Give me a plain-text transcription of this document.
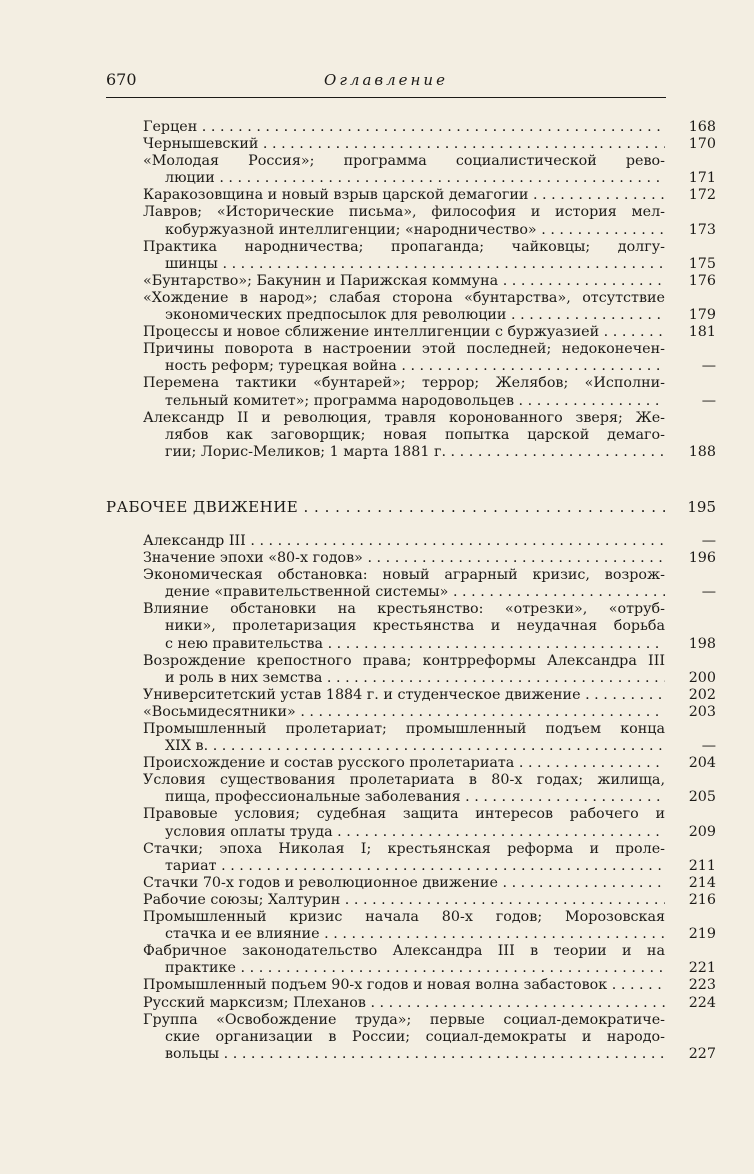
670	Оглавление
Герцен . . .	168
Чернышевский . . .	170
«Молодая Россия»; программа социалистической рево-
люции . . .	171
Каракозовщина и новый взрыв царской демагогии . . .	172
Лавров; «Исторические письма», философия и история мел-
кобуржуазной интеллигенции; «народничество» . . .	173
Практика народничества; пропаганда; чайковцы; долгу-
шинцы . . .	175
«Бунтарство»; Бакунин и Парижская коммуна . . .	176
«Хождение в народ»; слабая сторона «бунтарства», отсутствие
экономических предпосылок для революции . . .	179
Процессы и новое сближение интеллигенции с буржуазией . . .	181
Причины поворота в настроении этой последней; недоконечен-
ность реформ; турецкая война . . .	—
Перемена тактики «бунтарей»; террор; Желябов; «Исполни-
тельный комитет»; программа народовольцев . . .	—
Александр II и революция, травля коронованного зверя; Же-
лябов как заговорщик; новая попытка царской демаго-
гии; Лорис-Меликов; 1 марта 1881 г. . . .	188
РАБОЧЕЕ ДВИЖЕНИЕ . . .	195
Александр III . . .	—
Значение эпохи «80-х годов» . . .	196
Экономическая обстановка: новый аграрный кризис, возрож-
дение «правительственной системы» . . .	—
Влияние обстановки на крестьянство: «отрезки», «отруб-
ники», пролетаризация крестьянства и неудачная борьба
с нею правительства . . .	198
Возрождение крепостного права; контрреформы Александра III
и роль в них земства . . .	200
Университетский устав 1884 г. и студенческое движение . . .	202
«Восьмидесятники» . . .	203
Промышленный пролетариат; промышленный подъем конца
XIX в. . . .	—
Происхождение и состав русского пролетариата . . .	204
Условия существования пролетариата в 80-х годах; жилища,
пища, профессиональные заболевания . . .	205
Правовые условия; судебная защита интересов рабочего и
условия оплаты труда . . .	209
Стачки; эпоха Николая I; крестьянская реформа и проле-
тариат . . .	211
Стачки 70-х годов и революционное движение . . .	214
Рабочие союзы; Халтурин . . .	216
Промышленный кризис начала 80-х годов; Морозовская
стачка и ее влияние . . .	219
Фабричное законодательство Александра III в теории и на
практике . . .	221
Промышленный подъем 90-х годов и новая волна забастовок . . .	223
Русский марксизм; Плеханов . . .	224
Группа «Освобождение труда»; первые социал-демократиче-
ские организации в России; социал-демократы и народо-
вольцы . . .	227
